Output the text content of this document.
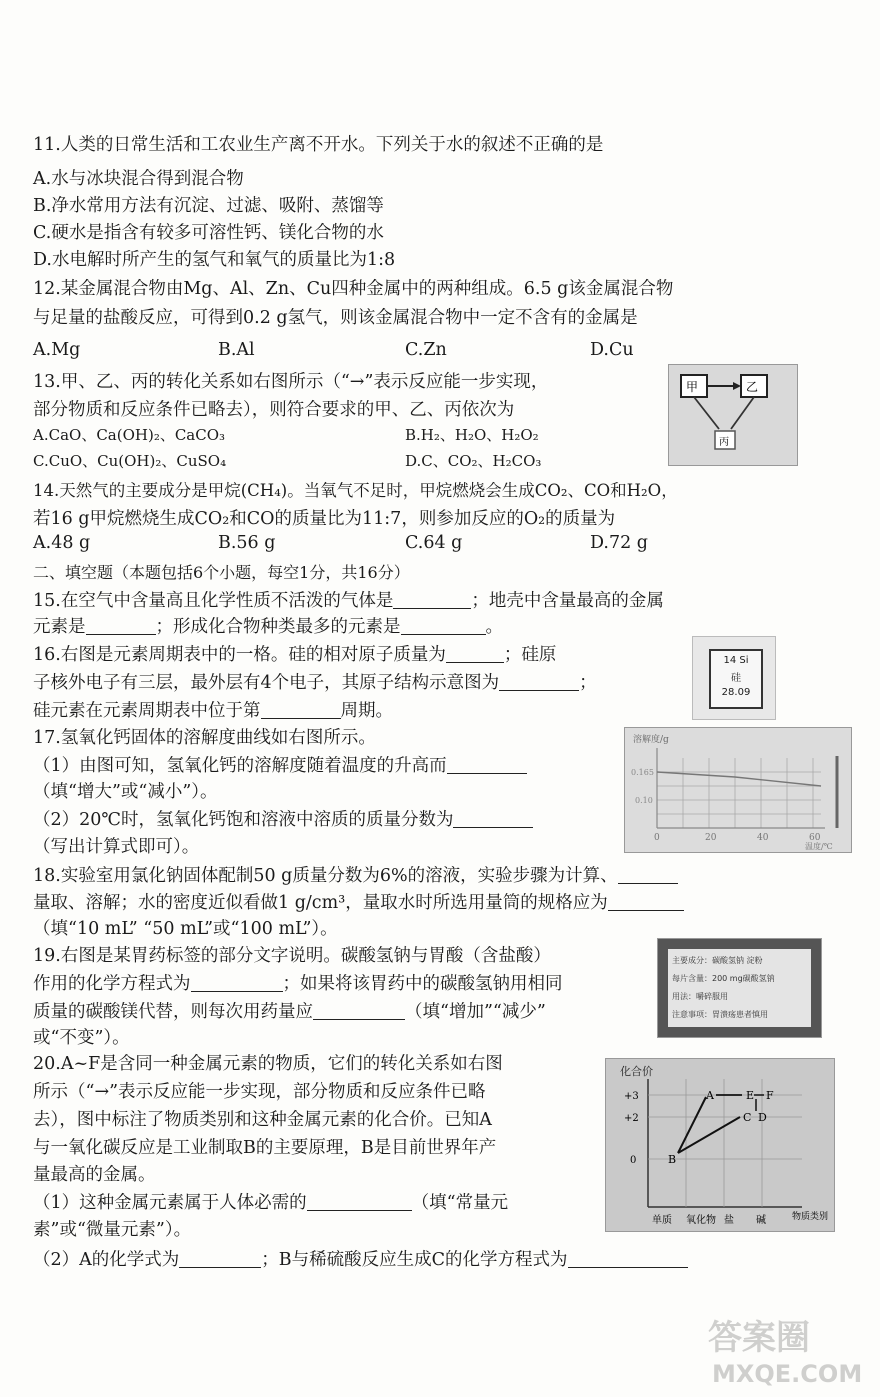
11.人类的日常生活和工农业生产离不开水。下列关于水的叙述不正确的是
A.水与冰块混合得到混合物
B.净水常用方法有沉淀、过滤、吸附、蒸馏等
C.硬水是指含有较多可溶性钙、镁化合物的水
D.水电解时所产生的氢气和氧气的质量比为1:8
12.某金属混合物由Mg、Al、Zn、Cu四种金属中的两种组成。6.5 g该金属混合物
与足量的盐酸反应，可得到0.2 g氢气，则该金属混合物中一定不含有的金属是
A.Mg	B.Al	C.Zn	D.Cu
13.甲、乙、丙的转化关系如右图所示（“→”表示反应能一步实现，
部分物质和反应条件已略去），则符合要求的甲、乙、丙依次为
A.CaO、Ca(OH)₂、CaCO₃	B.H₂、H₂O、H₂O₂
C.CuO、Cu(OH)₂、CuSO₄	D.C、CO₂、H₂CO₃
甲	乙
丙
14.天然气的主要成分是甲烷(CH₄)。当氧气不足时，甲烷燃烧会生成CO₂、CO和H₂O，
若16 g甲烷燃烧生成CO₂和CO的质量比为11:7，则参加反应的O₂的质量为
A.48 g	B.56 g	C.64 g	D.72 g
二、填空题（本题包括6个小题，每空1分，共16分）
15.在空气中含量高且化学性质不活泼的气体是	；地壳中含量最高的金属
元素是	；形成化合物种类最多的元素是	。
16.右图是元素周期表中的一格。硅的相对原子质量为	；硅原
子核外电子有三层，最外层有4个电子，其原子结构示意图为	；
硅元素在元素周期表中位于第	周期。
14 Si
硅
28.09
17.氢氧化钙固体的溶解度曲线如右图所示。
（1）由图可知，氢氧化钙的溶解度随着温度的升高而
（填“增大”或“减小”）。
（2）20℃时，氢氧化钙饱和溶液中溶质的质量分数为
（写出计算式即可）。
溶解度/g
0.165
0.10
0	20	40	60
温度/℃
18.实验室用氯化钠固体配制50 g质量分数为6%的溶液，实验步骤为计算、
量取、溶解；水的密度近似看做1 g/cm³，量取水时所选用量筒的规格应为
（填“10 mL” “50 mL”或“100 mL”）。
19.右图是某胃药标签的部分文字说明。碳酸氢钠与胃酸（含盐酸）
作用的化学方程式为	；如果将该胃药中的碳酸氢钠用相同
质量的碳酸镁代替，则每次用药量应	（填“增加”“减少”
或“不变”）。
主要成分：碳酸氢钠 淀粉
每片含量：200 mg碳酸氢钠
用法：嚼碎服用
注意事项：胃溃疡患者慎用
20.A~F是含同一种金属元素的物质，它们的转化关系如右图
所示（“→”表示反应能一步实现，部分物质和反应条件已略
去），图中标注了物质类别和这种金属元素的化合价。已知A
与一氧化碳反应是工业制取B的主要原理，B是目前世界年产
量最高的金属。
（1）这种金属元素属于人体必需的	（填“常量元
素”或“微量元素”）。
（2）A的化学式为	；B与稀硫酸反应生成C的化学方程式为
化合价
+3
+2
0
A
B
C D
E F
单质 氧化物 盐 碱	物质类别
答案圈
MXQE.COM
